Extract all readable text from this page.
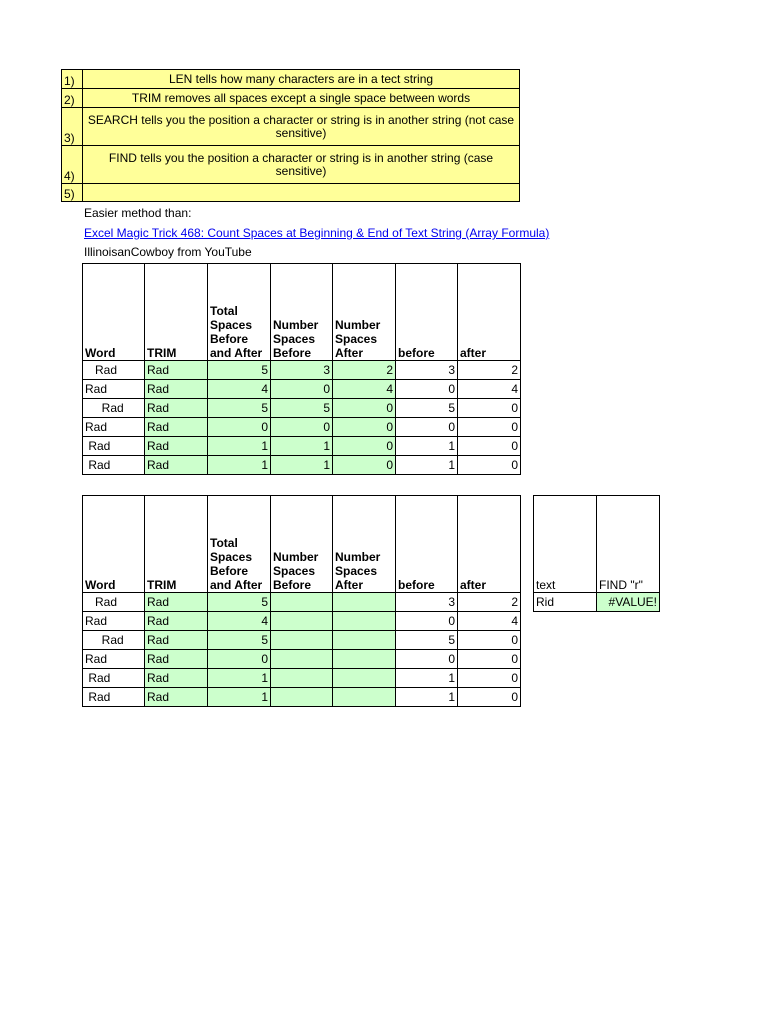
1)	LEN tells how many characters are in a tect string
2)	TRIM removes all spaces except a single space between words
3)	SEARCH tells you the position a character or string is in another string (not case sensitive)
4)	FIND tells you the position a character or string is in another string (case sensitive)
5)	
Easier method than:
Excel Magic Trick 468: Count Spaces at Beginning & End of Text String (Array Formula)
IllinoisanCowboy from YouTube
Word	TRIM	Total Spaces Before and After	Number Spaces Before	Number Spaces After	before	after
Rad	Rad	5	3	2	3	2
Rad	Rad	4	0	4	0	4
Rad	Rad	5	5	0	5	0
Rad	Rad	0	0	0	0	0
Rad	Rad	1	1	0	1	0
Rad	Rad	1	1	0	1	0
Word	TRIM	Total Spaces Before and After	Number Spaces Before	Number Spaces After	before	after
Rad	Rad	5			3	2
Rad	Rad	4			0	4
Rad	Rad	5			5	0
Rad	Rad	0			0	0
Rad	Rad	1			1	0
Rad	Rad	1			1	0
text	FIND "r"
Rid	#VALUE!
